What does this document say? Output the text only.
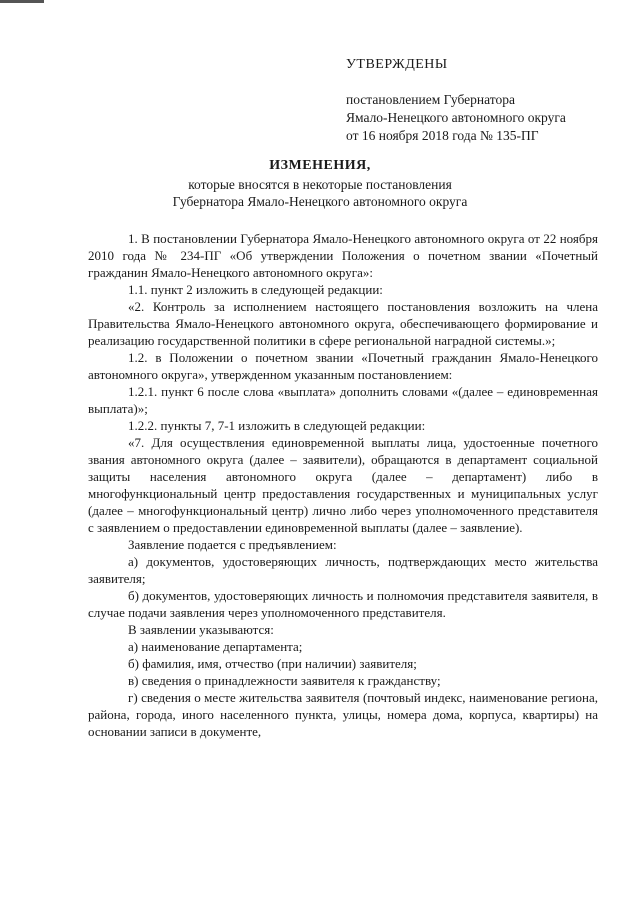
УТВЕРЖДЕНЫ
постановлением Губернатора
Ямало-Ненецкого автономного округа
от 16 ноября 2018 года № 135-ПГ
ИЗМЕНЕНИЯ,
которые вносятся в некоторые постановления
Губернатора Ямало-Ненецкого автономного округа

1. В постановлении Губернатора Ямало-Ненецкого автономного округа от 22 ноября 2010 года № 234-ПГ «Об утверждении Положения о почетном звании «Почетный гражданин Ямало-Ненецкого автономного округа»:

1.1. пункт 2 изложить в следующей редакции:

«2. Контроль за исполнением настоящего постановления возложить на члена Правительства Ямало-Ненецкого автономного округа, обеспечивающего формирование и реализацию государственной политики в сфере региональной наградной системы.»;

1.2. в Положении о почетном звании «Почетный гражданин Ямало-Ненецкого автономного округа», утвержденном указанным постановлением:

1.2.1. пункт 6 после слова «выплата» дополнить словами «(далее – единовременная выплата)»;

1.2.2. пункты 7, 7-1 изложить в следующей редакции:

«7. Для осуществления единовременной выплаты лица, удостоенные почетного звания автономного округа (далее – заявители), обращаются в департамент социальной защиты населения автономного округа (далее – департамент) либо в многофункциональный центр предоставления государственных и муниципальных услуг (далее – многофункциональный центр) лично либо через уполномоченного представителя с заявлением о предоставлении единовременной выплаты (далее – заявление).

Заявление подается с предъявлением:

а) документов, удостоверяющих личность, подтверждающих место жительства заявителя;

б) документов, удостоверяющих личность и полномочия представителя заявителя, в случае подачи заявления через уполномоченного представителя.

В заявлении указываются:

а) наименование департамента;

б) фамилия, имя, отчество (при наличии) заявителя;

в) сведения о принадлежности заявителя к гражданству;

г) сведения о месте жительства заявителя (почтовый индекс, наименование региона, района, города, иного населенного пункта, улицы, номера дома, корпуса, квартиры) на основании записи в документе,
